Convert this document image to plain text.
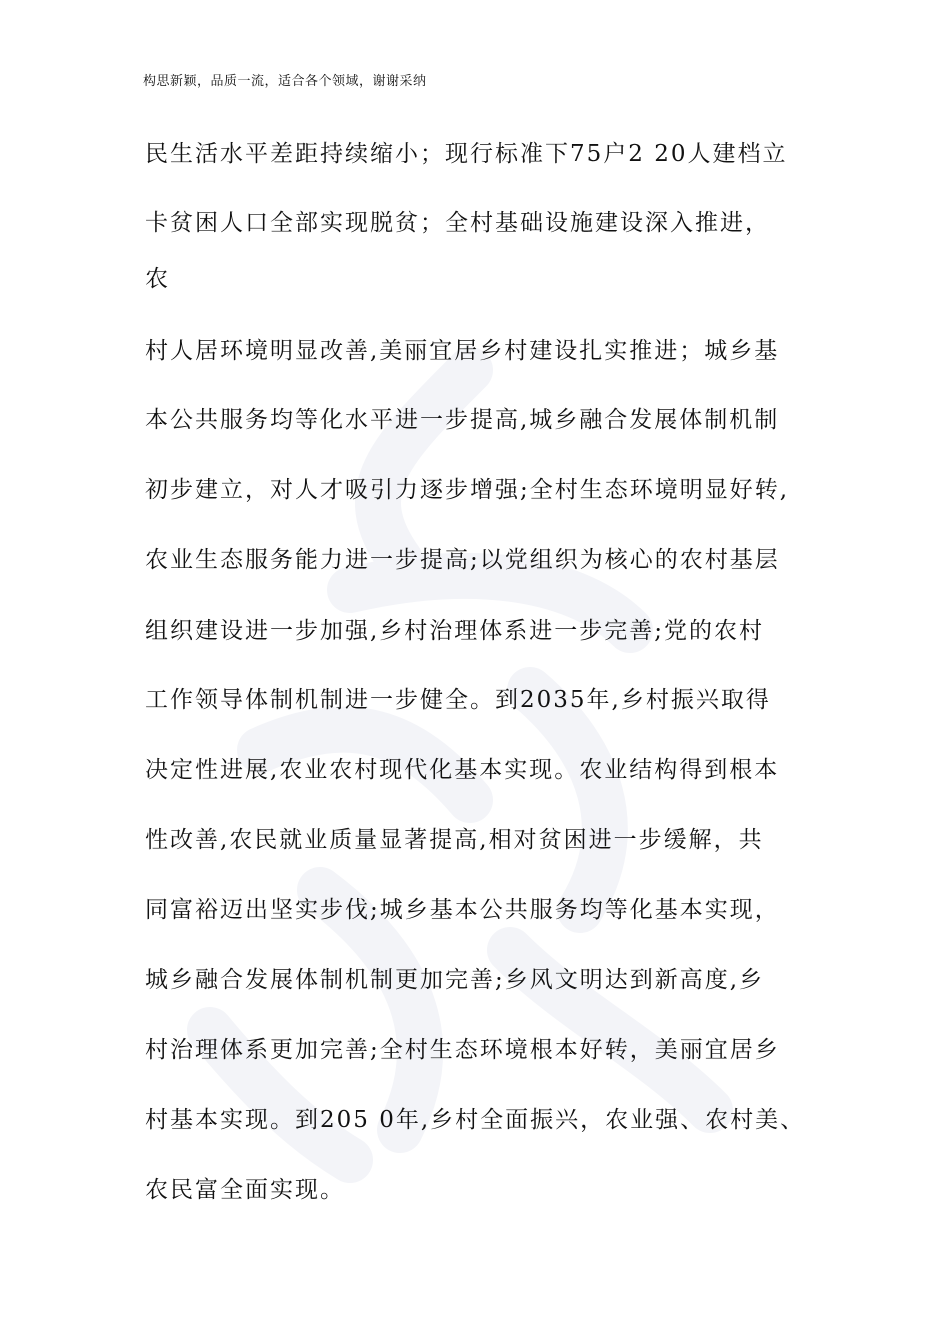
构思新颖，品质一流，适合各个领域，谢谢采纳
民生活水平差距持续缩小；现行标准下75户2 20人建档立
卡贫困人口全部实现脱贫；全村基础设施建设深入推进，
农
村人居环境明显改善,美丽宜居乡村建设扎实推进；城乡基
本公共服务均等化水平进一步提高,城乡融合发展体制机制
初步建立，对人才吸引力逐步增强;全村生态环境明显好转,
农业生态服务能力进一步提高;以党组织为核心的农村基层
组织建设进一步加强,乡村治理体系进一步完善;党的农村
工作领导体制机制进一步健全。到2035年,乡村振兴取得
决定性进展,农业农村现代化基本实现。农业结构得到根本
性改善,农民就业质量显著提高,相对贫困进一步缓解，共
同富裕迈出坚实步伐;城乡基本公共服务均等化基本实现，
城乡融合发展体制机制更加完善;乡风文明达到新高度,乡
村治理体系更加完善;全村生态环境根本好转，美丽宜居乡
村基本实现。到205 0年,乡村全面振兴，农业强、农村美、
农民富全面实现。
